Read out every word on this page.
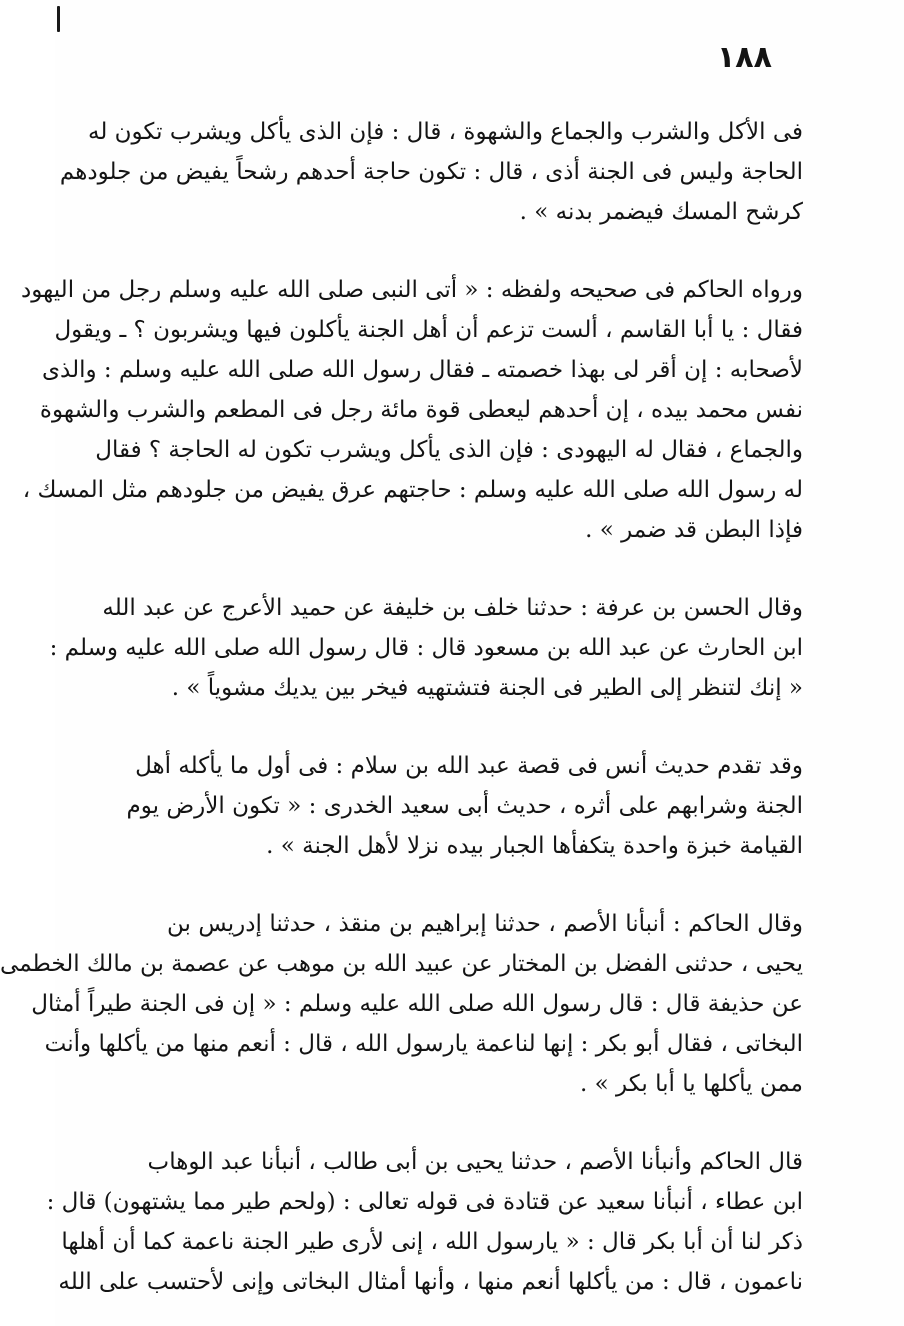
١٨٨
فى الأكل والشرب والجماع والشهوة ، قال : فإن الذى يأكل ويشرب تكون له
الحاجة وليس فى الجنة أذى ، قال : تكون حاجة أحدهم رشحاً يفيض من جلودهم
كرشح المسك فيضمر بدنه » .
ورواه الحاكم فى صحيحه ولفظه : « أتى النبى صلى الله عليه وسلم رجل من اليهود
فقال : يا أبا القاسم ، ألست تزعم أن أهل الجنة يأكلون فيها ويشربون ؟ ـ ويقول
لأصحابه : إن أقر لى بهذا خصمته ـ فقال رسول الله صلى الله عليه وسلم : والذى
نفس محمد بيده ، إن أحدهم ليعطى قوة مائة رجل فى المطعم والشرب والشهوة
والجماع ، فقال له اليهودى : فإن الذى يأكل ويشرب تكون له الحاجة ؟ فقال
له رسول الله صلى الله عليه وسلم : حاجتهم عرق يفيض من جلودهم مثل المسك ،
فإذا البطن قد ضمر » .
وقال الحسن بن عرفة : حدثنا خلف بن خليفة عن حميد الأعرج عن عبد الله
ابن الحارث عن عبد الله بن مسعود قال : قال رسول الله صلى الله عليه وسلم :
« إنك لتنظر إلى الطير فى الجنة فتشتهيه فيخر بين يديك مشوياً » .
وقد تقدم حديث أنس فى قصة عبد الله بن سلام : فى أول ما يأكله أهل
الجنة وشرابهم على أثره ، حديث أبى سعيد الخدرى : « تكون الأرض يوم
القيامة خبزة واحدة يتكفأها الجبار بيده نزلا لأهل الجنة » .
وقال الحاكم : أنبأنا الأصم ، حدثنا إبراهيم بن منقذ ، حدثنا إدريس بن
يحيى ، حدثنى الفضل بن المختار عن عبيد الله بن موهب عن عصمة بن مالك الخطمى
عن حذيفة قال : قال رسول الله صلى الله عليه وسلم : « إن فى الجنة طيراً أمثال
البخاتى ، فقال أبو بكر : إنها لناعمة يارسول الله ، قال : أنعم منها من يأكلها وأنت
ممن يأكلها يا أبا بكر » .
قال الحاكم وأنبأنا الأصم ، حدثنا يحيى بن أبى طالب ، أنبأنا عبد الوهاب
ابن عطاء ، أنبأنا سعيد عن قتادة فى قوله تعالى : (ولحم طير مما يشتهون) قال :
ذكر لنا أن أبا بكر قال : « يارسول الله ، إنى لأرى طير الجنة ناعمة كما أن أهلها
ناعمون ، قال : من يأكلها أنعم منها ، وأنها أمثال البخاتى وإنى لأحتسب على الله
